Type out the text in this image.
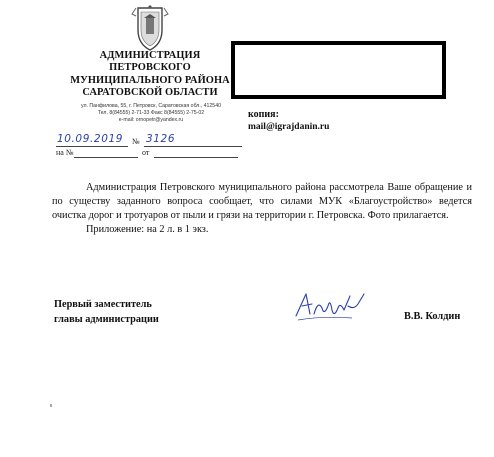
АДМИНИСТРАЦИЯ
ПЕТРОВСКОГО
МУНИЦИПАЛЬНОГО РАЙОНА
САРАТОВСКОЙ ОБЛАСТИ
ул. Панфилова, 55, г. Петровск, Саратовская обл., 412540
Тел. 8(84555) 2-71-33 Факс 8(84555) 2-75-02
e-mail: ornopetr@yandex.ru	копия:
mail@igrajdanin.ru
10.09.2019 № 3126
на №	от

Администрация Петровского муниципального района рассмотрела Ваше обращение и по существу заданного вопроса сообщает, что силами МУК «Благоустройство» ведется очистка дорог и тротуаров от пыли и грязи на территории г. Петровска. Фото прилагается.

Приложение: на 2 л. в 1 экз.

Первый заместитель
главы администрации	В.В. Колдин
